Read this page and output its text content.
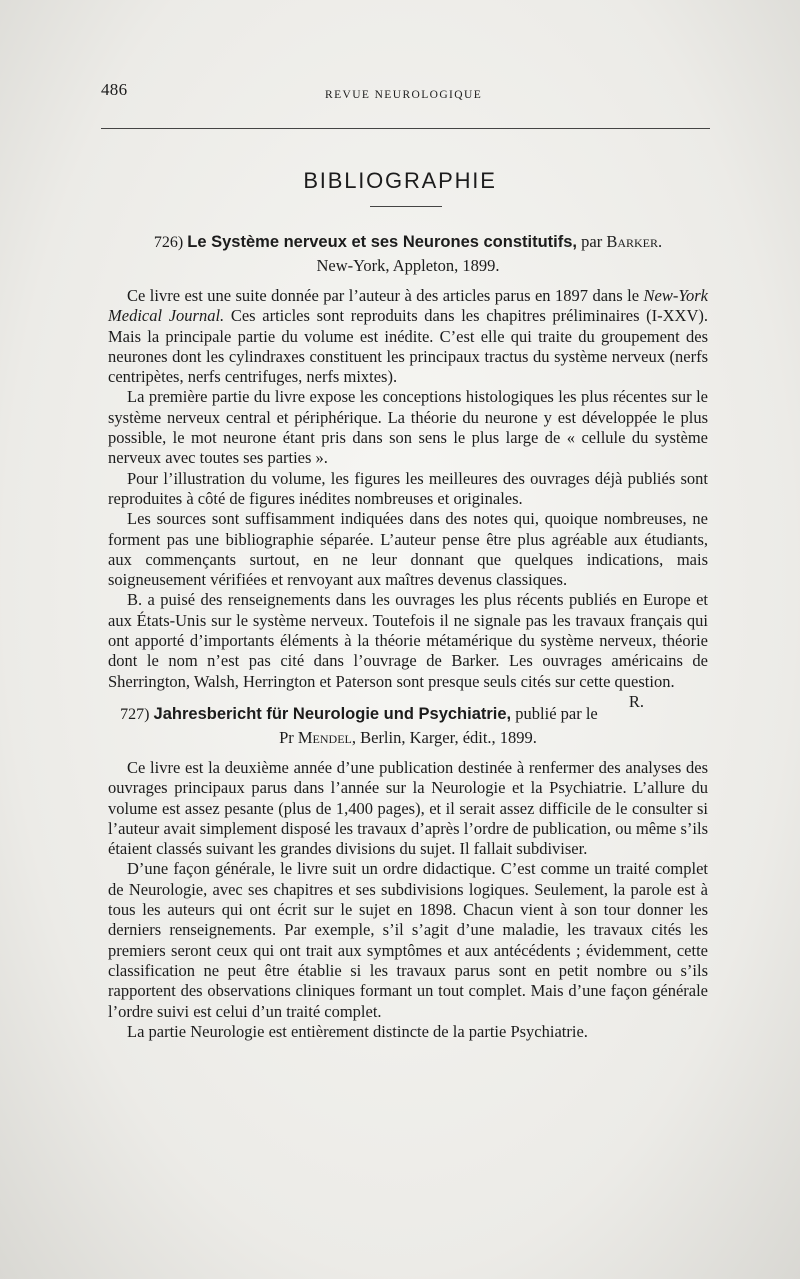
486	REVUE NEUROLOGIQUE
BIBLIOGRAPHIE

726) Le Système nerveux et ses Neurones constitutifs, par Barker.
New-York, Appleton, 1899.

Ce livre est une suite donnée par l’auteur à des articles parus en 1897 dans le New-York Medical Journal. Ces articles sont reproduits dans les chapitres préliminaires (I-XXV). Mais la principale partie du volume est inédite. C’est elle qui traite du groupement des neurones dont les cylindraxes constituent les principaux tractus du système nerveux (nerfs centripètes, nerfs centrifuges, nerfs mixtes).

La première partie du livre expose les conceptions histologiques les plus récentes sur le système nerveux central et périphérique. La théorie du neurone y est développée le plus possible, le mot neurone étant pris dans son sens le plus large de « cellule du système nerveux avec toutes ses parties ».

Pour l’illustration du volume, les figures les meilleures des ouvrages déjà publiés sont reproduites à côté de figures inédites nombreuses et originales.

Les sources sont suffisamment indiquées dans des notes qui, quoique nombreuses, ne forment pas une bibliographie séparée. L’auteur pense être plus agréable aux étudiants, aux commençants surtout, en ne leur donnant que quelques indications, mais soigneusement vérifiées et renvoyant aux maîtres devenus classiques.

B. a puisé des renseignements dans les ouvrages les plus récents publiés en Europe et aux États-Unis sur le système nerveux. Toutefois il ne signale pas les travaux français qui ont apporté d’importants éléments à la théorie métamérique du système nerveux, théorie dont le nom n’est pas cité dans l’ouvrage de Barker. Les ouvrages américains de Sherrington, Walsh, Herrington et Paterson sont presque seuls cités sur cette question.
R.

727) Jahresbericht für Neurologie und Psychiatrie, publié par le
Pr Mendel, Berlin, Karger, édit., 1899.

Ce livre est la deuxième année d’une publication destinée à renfermer des analyses des ouvrages principaux parus dans l’année sur la Neurologie et la Psychiatrie. L’allure du volume est assez pesante (plus de 1,400 pages), et il serait assez difficile de le consulter si l’auteur avait simplement disposé les travaux d’après l’ordre de publication, ou même s’ils étaient classés suivant les grandes divisions du sujet. Il fallait subdiviser.

D’une façon générale, le livre suit un ordre didactique. C’est comme un traité complet de Neurologie, avec ses chapitres et ses subdivisions logiques. Seulement, la parole est à tous les auteurs qui ont écrit sur le sujet en 1898. Chacun vient à son tour donner les derniers renseignements. Par exemple, s’il s’agit d’une maladie, les travaux cités les premiers seront ceux qui ont trait aux symptômes et aux antécédents ; évidemment, cette classification ne peut être établie si les travaux parus sont en petit nombre ou s’ils rapportent des observations cliniques formant un tout complet. Mais d’une façon générale l’ordre suivi est celui d’un traité complet.

La partie Neurologie est entièrement distincte de la partie Psychiatrie.
